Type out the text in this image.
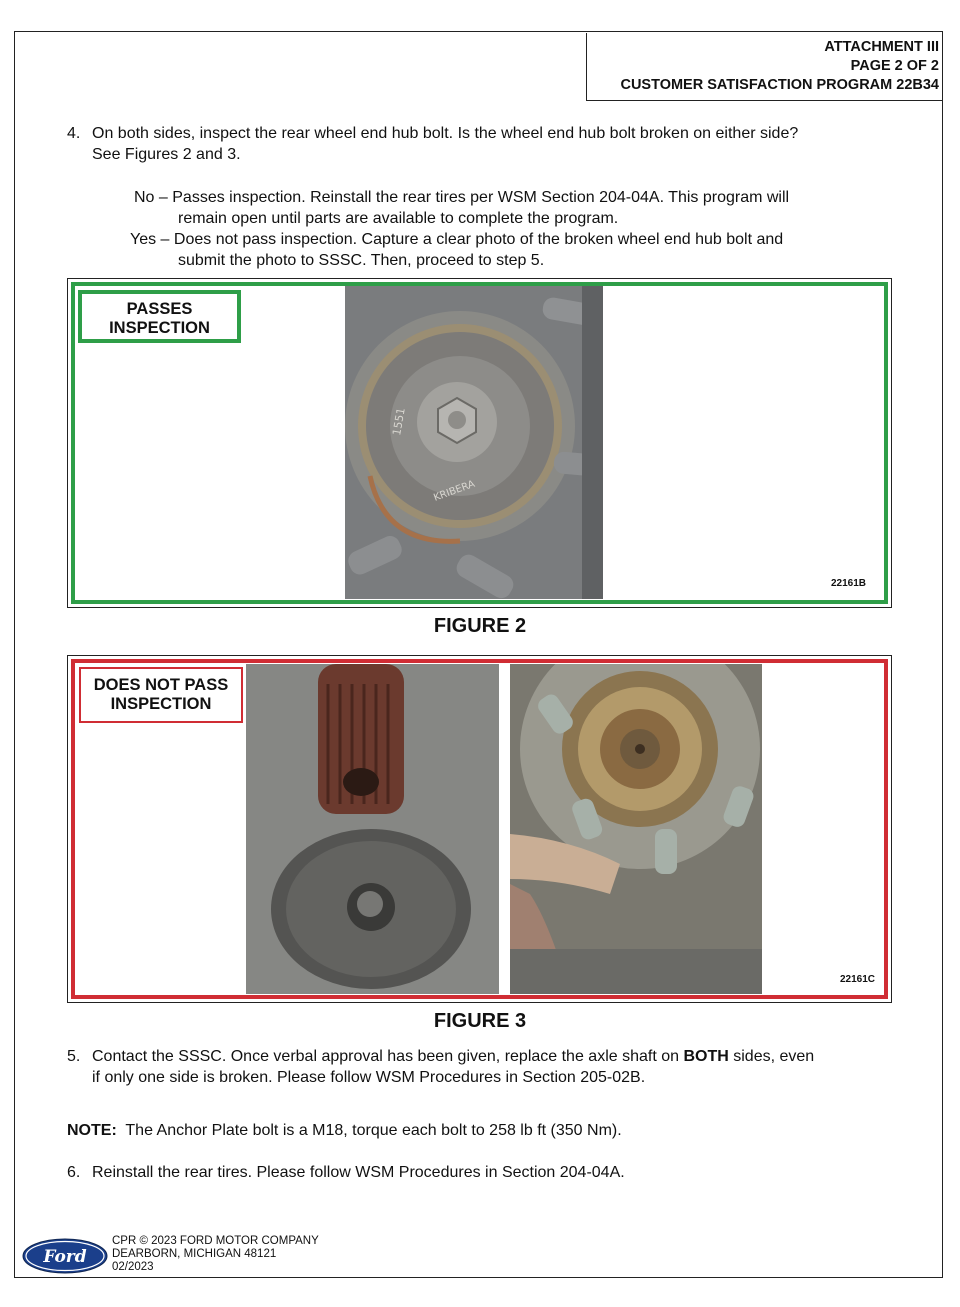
ATTACHMENT III
PAGE 2 OF 2
CUSTOMER SATISFACTION PROGRAM 22B34
4. On both sides, inspect the rear wheel end hub bolt. Is the wheel end hub bolt broken on either side?
See Figures 2 and 3.
No – Passes inspection. Reinstall the rear tires per WSM Section 204-04A. This program will
remain open until parts are available to complete the program.
Yes – Does not pass inspection. Capture a clear photo of the broken wheel end hub bolt and
submit the photo to SSSC. Then, proceed to step 5.
1551
KRIBERA
PASSES
INSPECTION
22161B
FIGURE 2
DOES NOT PASS
INSPECTION
22161C
FIGURE 3
5. Contact the SSSC. Once verbal approval has been given, replace the axle shaft on BOTH sides, even
if only one side is broken. Please follow WSM Procedures in Section 205-02B.
NOTE: The Anchor Plate bolt is a M18, torque each bolt to 258 lb ft (350 Nm).
6. Reinstall the rear tires. Please follow WSM Procedures in Section 204-04A.
Ford
CPR © 2023 FORD MOTOR COMPANY
DEARBORN, MICHIGAN 48121
02/2023
